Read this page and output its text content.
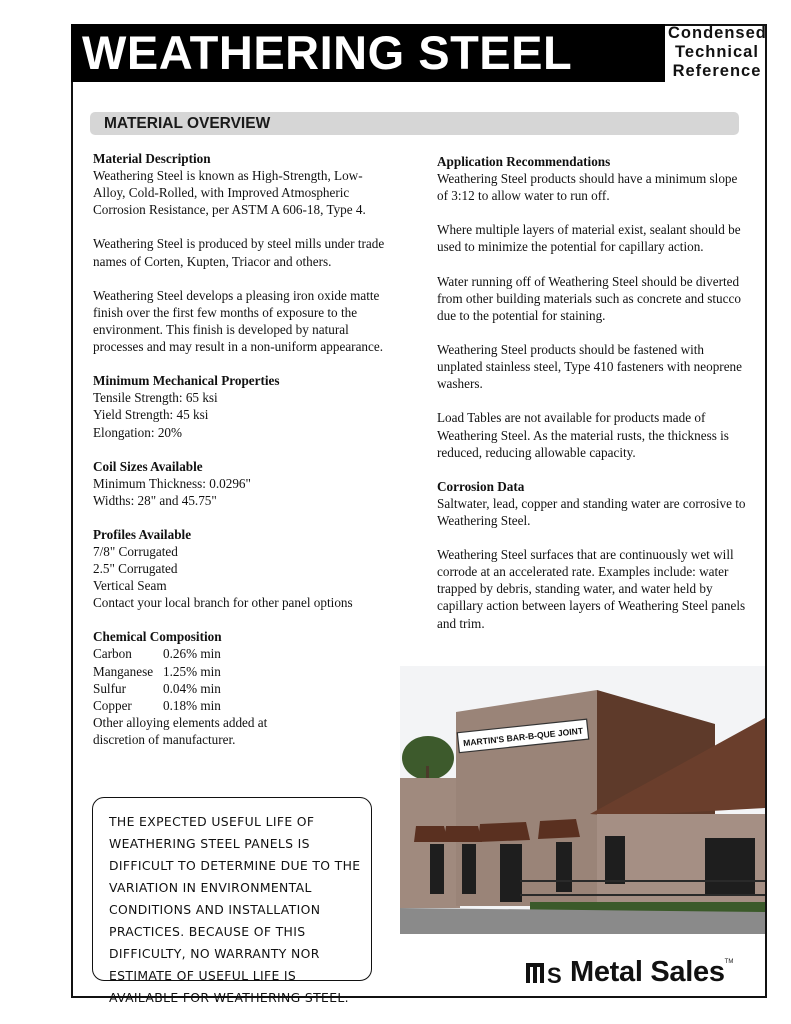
WEATHERING STEEL	Condensed
Technical
Reference
MATERIAL OVERVIEW
Material Description

Weathering Steel is known as High-Strength, Low-Alloy, Cold-Rolled, with Improved Atmospheric Corrosion Resistance, per ASTM A 606-18, Type 4.

Weathering Steel is produced by steel mills under trade names of Corten, Kupten, Triacor and others.

Weathering Steel develops a pleasing iron oxide matte finish over the first few months of exposure to the environment. This finish is developed by natural processes and may result in a non-uniform appearance.

Minimum Mechanical Properties
Tensile Strength: 65 ksi
Yield Strength: 45 ksi
Elongation: 20%
Coil Sizes Available
Minimum Thickness: 0.0296"
Widths: 28" and 45.75"
Profiles Available
7/8" Corrugated
2.5" Corrugated
Vertical Seam
Contact your local branch for other panel options
Chemical Composition
Carbon	0.26% min
Manganese 1.25% min
Sulfur	0.04% min
Copper	0.18% min
Other alloying elements added at discretion of manufacturer.
Application Recommendations

Weathering Steel products should have a minimum slope of 3:12 to allow water to run off.

Where multiple layers of material exist, sealant should be used to minimize the potential for capillary action.

Water running off of Weathering Steel should be diverted from other building materials such as concrete and stucco due to the potential for staining.

Weathering Steel products should be fastened with unplated stainless steel, Type 410 fasteners with neoprene washers.

Load Tables are not available for products made of Weathering Steel. As the material rusts, the thickness is reduced, reducing allowable capacity.

Corrosion Data

Saltwater, lead, copper and standing water are corrosive to Weathering Steel.

Weathering Steel surfaces that are continuously wet will corrode at an accelerated rate. Examples include: water trapped by debris, standing water, and water held by capillary action between layers of Weathering Steel panels and trim.

THE EXPECTED USEFUL LIFE OF WEATHERING STEEL PANELS IS DIFFICULT TO DETERMINE DUE TO THE VARIATION IN ENVIRONMENTAL CONDITIONS AND INSTALLATION PRACTICES. BECAUSE OF THIS DIFFICULTY, NO WARRANTY NOR ESTIMATE OF USEFUL LIFE IS AVAILABLE FOR WEATHERING STEEL.

MARTIN'S BAR-B-QUE JOINT
S Metal Sales TM
